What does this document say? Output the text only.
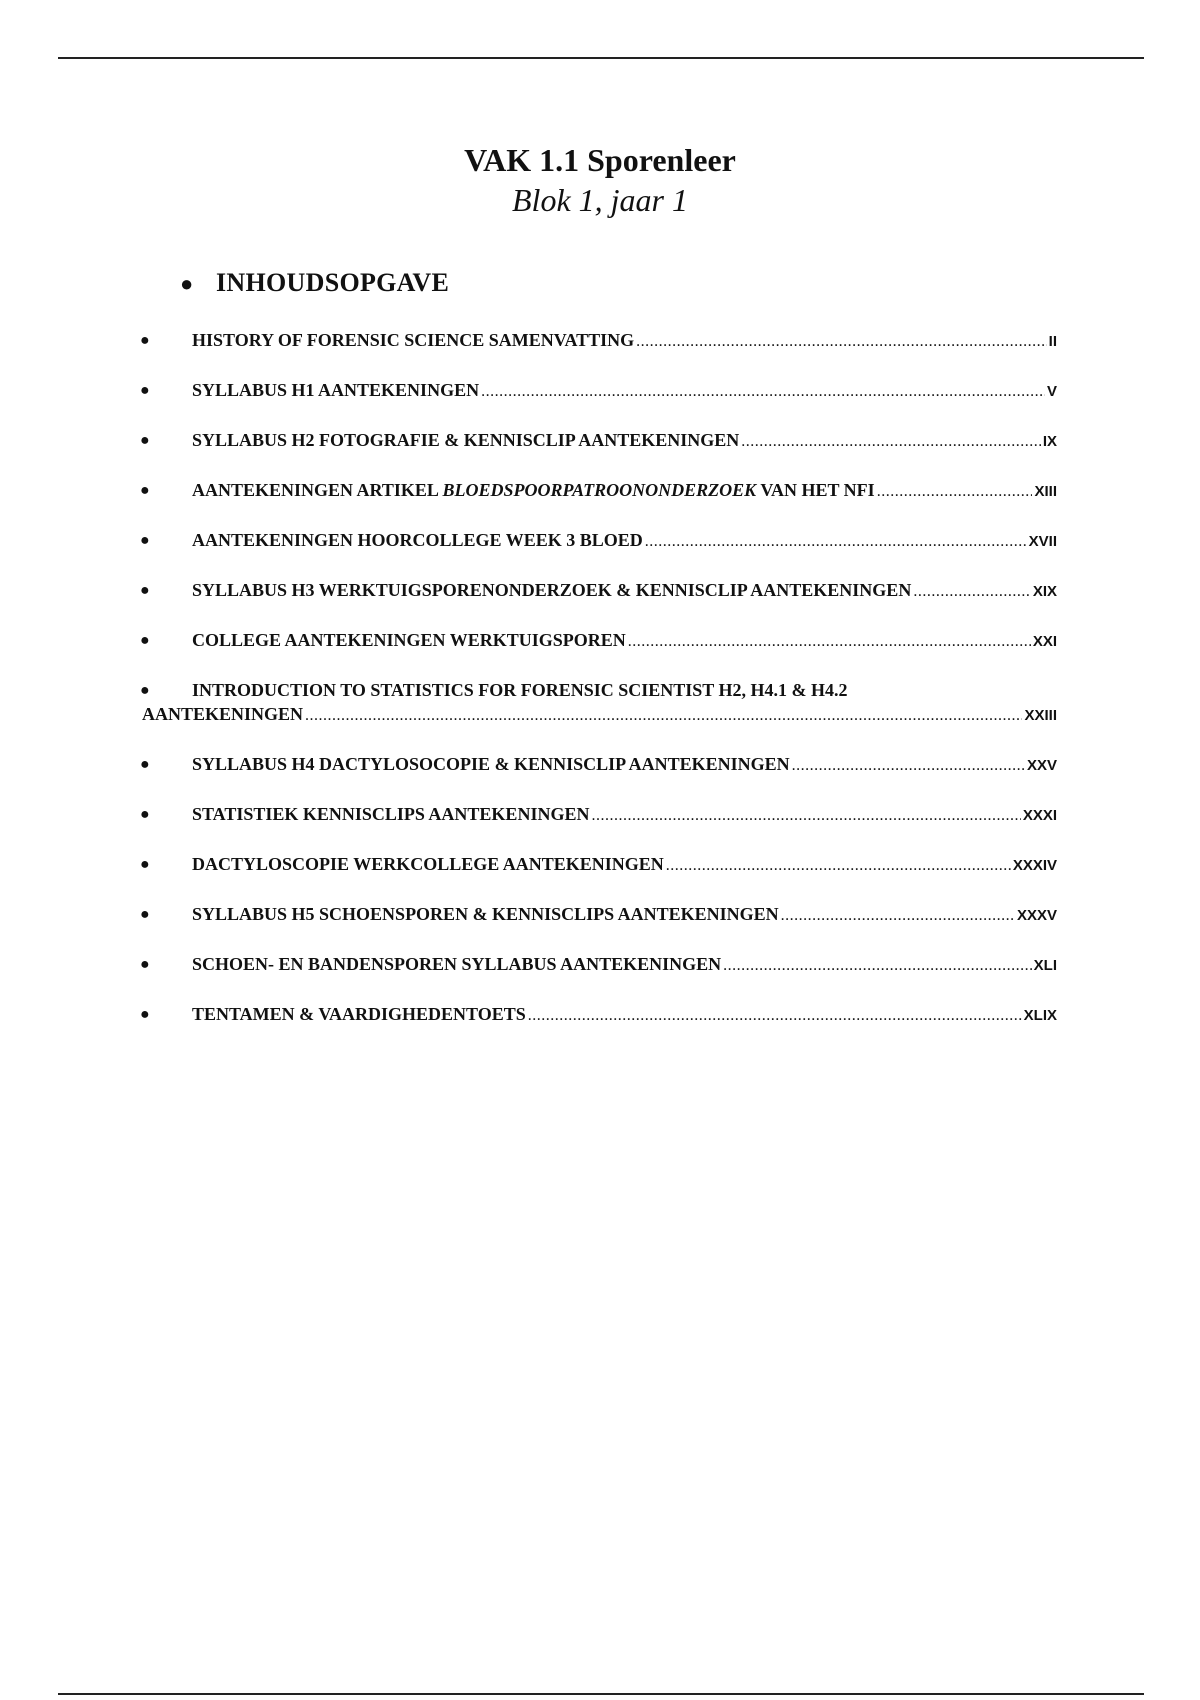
VAK 1.1 Sporenleer

Blok 1, jaar 1

● INHOUDSOPGAVE
● HISTORY OF FORENSIC SCIENCE SAMENVATTING .....	II
● SYLLABUS H1 AANTEKENINGEN .....	V
● SYLLABUS H2 FOTOGRAFIE & KENNISCLIP AANTEKENINGEN .....	IX
● AANTEKENINGEN ARTIKEL BLOEDSPOORPATROONONDERZOEK VAN HET NFI .....	XIII
● AANTEKENINGEN HOORCOLLEGE WEEK 3 BLOED .....	XVII
● SYLLABUS H3 WERKTUIGSPORENONDERZOEK & KENNISCLIP AANTEKENINGEN .....	XIX
● COLLEGE AANTEKENINGEN WERKTUIGSPOREN .....	XXI
● INTRODUCTION TO STATISTICS FOR FORENSIC SCIENTIST H2, H4.1 & H4.2
AANTEKENINGEN .....	XXIII
● SYLLABUS H4 DACTYLOSOCOPIE & KENNISCLIP AANTEKENINGEN .....	XXV
● STATISTIEK KENNISCLIPS AANTEKENINGEN .....	XXXI
● DACTYLOSCOPIE WERKCOLLEGE AANTEKENINGEN .....	XXXIV
● SYLLABUS H5 SCHOENSPOREN & KENNISCLIPS AANTEKENINGEN .....	XXXV
● SCHOEN- EN BANDENSPOREN SYLLABUS AANTEKENINGEN .....	XLI
● TENTAMEN & VAARDIGHEDENTOETS .....	XLIX
